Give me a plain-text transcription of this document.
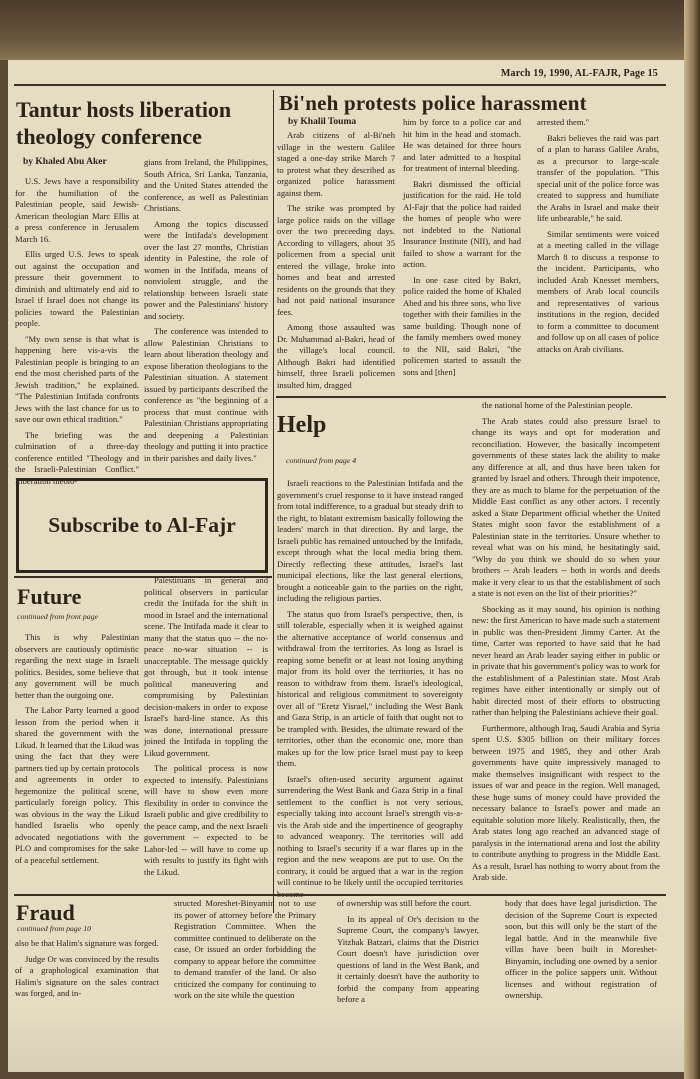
March 19, 1990, AL-FAJR, Page 15
Tantur hosts liberation theology conference
by Khaled Abu Aker

U.S. Jews have a responsibility for the humiliation of the Palestinian people, said Jewish-American theologian Marc Ellis at a press conference in Jerusalem March 16.

Ellis urged U.S. Jews to speak out against the occupation and pressure their government to diminish and ultimately end aid to Israel if Israel does not change its policies toward the Palestinian people.

"My own sense is that what is happening here vis-a-vis the Palestinian people is bringing to an end the most cherished parts of the Jewish tradition," he explained. "The Palestinian Intifada confronts Jews with the last chance for us to save our own ethical tradition."

The briefing was the culmination of a three-day conference entitled "Theology and the Israeli-Palestinian Conflict." Liberation theolo-

gians from Ireland, the Philippines, South Africa, Sri Lanka, Tanzania, and the United States attended the conference, as well as Palestinian Christians.

Among the topics discussed were the Intifada's development over the last 27 months, Christian identity in Palestine, the role of women in the Intifada, means of nonviolent struggle, and the relationship between Israeli state power and the Palestinians' history and society.

The conference was intended to allow Palestinian Christians to learn about liberation theology and expose liberation theologians to the Palestinian situation. A statement issued by participants described the conference as "the beginning of a process that must continue with Palestinian Christians appropriating and deepening a Palestinian theology and putting it into practice in their parishes and daily lives."

Bi'neh protests police harassment
by Khalil Touma

Arab citizens of al-Bi'neh village in the western Galilee staged a one-day strike March 7 to protest what they described as organized police harassment against them.

The strike was prompted by large police raids on the village over the two preceeding days. According to villagers, about 35 policemen from a special unit entered the village, broke into homes and beat and arrested residents on the grounds that they had not paid national insurance fees.

Among those assaulted was Dr. Muhammad al-Bakri, head of the village's local council. Although Bakri had identified himself, three Israeli policemen insulted him, dragged

him by force to a police car and hit him in the head and stomach. He was detained for three hours and later admitted to a hospital for treatment of internal bleeding.

Bakri dismissed the official justification for the raid. He told Al-Fajr that the police had raided the homes of people who were not indebted to the National Insurance Institute (NII), and had failed to show a warrant for the action.

In one case cited by Bakri, police raided the home of Khaled Abed and his three sons, who live together with their families in the same building. Though none of the family members owed money to the NII, said Bakri, "the policemen started to assault the sons and [then]

arrested them."

Bakri believes the raid was part of a plan to harass Galilee Arabs, as a precursor to large-scale transfer of the population. "This special unit of the police force was created to suppress and humiliate the Arabs in Israel and make their life unbearable," he said.

Similar sentiments were voiced at a meeting called in the village March 8 to discuss a response to the incident. Participants, who included Arab Knesset members, members of Arab local councils and representatives of various institutions in the region, decided to form a committee to document and follow up on all cases of police attacks on Arab civilians.

Subscribe to Al-Fajr
Future
continued from front page

This is why Palestinian observers are cautiously optimistic regarding the next stage in Israeli politics. Besides, some believe that any government will be much better than the outgoing one.

The Labor Party learned a good lesson from the period when it shared the government with the Likud. It learned that the Likud was using the fact that they were partners tied up by certain protocols and agreements in order to hegemonize the political scene, particularly foreign policy. This was obvious in the way the Likud handled Israelis who openly advocated negotiations with the PLO and compromises for the sake of a peaceful settlement.

Palestinians in general and political observers in particular credit the Intifada for the shift in mood in Israel and the international scene. The Intifada made it clear to many that the status quo -- the no-peace no-war situation -- is unacceptable. The message quickly got through, but it took intense political maneuvering and compromising by Palestinian decision-makers in order to expose Israel's hard-line stance. As this was done, international pressure joined the Intifada in toppling the Likud government.

The political process is now expected to intensify. Palestinians will have to show even more flexibility in order to convince the Israeli public and give credibility to the peace camp, and the next Israeli government -- expected to be Labor-led -- will have to come up with results to justify its fight with the Likud.

Help
continued from page 4

Israeli reactions to the Palestinian Intifada and the government's cruel response to it have instead ranged from total indifference, to a gradual but steady drift to the right, to blatant extremism basically following the leaders' march in that direction. By and large, the Israeli public has remained untouched by the Intifada, except through what the local media bring them. Directly reflecting these attitudes, Israel's last municipal elections, like the last general elections, brought a noticeable gain to the parties on the right, including the religious parties.

The status quo from Israel's perspective, then, is still tolerable, especially when it is weighed against the alternative acceptance of world consensus and withdrawal from the territories. As long as Israel is reaping some benefit or at least not losing anything major from its hold over the territories, it has no reason to withdraw from them. Israel's ideological, historical and religious commitment to sovereignty over all of "Eretz Yisrael," including the West Bank and Gaza Strip, is an article of faith that ought not to be trampled with. Besides, the ultimate reward of the territories, other than the economic one, more than makes up for the low price Israel must pay to keep them.

Israel's often-used security argument against surrendering the West Bank and Gaza Strip in a final settlement to the conflict is not very serious, especially taking into account Israel's strength vis-a-vis the Arab side and the impertinence of geography to advanced weaponry. The territories will add nothing to Israel's security if a war flares up in the region and the new weapons are put to use. On the contrary, it could be argued that a war in the region will continue to be likely until the occupied territories

the national home of the Palestinian people.

The Arab states could also pressure Israel to change its ways and opt for moderation and reconciliation. However, the basically incompetent governments of these states lack the ability to make any difference at all, and thus have been taken for granted by Israel and others. Through their impotence, they are as much to blame for the perpetuation of the Middle East conflict as any other actors. I recently asked a State Department official whether the United States might soon favor the establishment of a Palestinian state in the territories. Unsure whether to reveal what was on his mind, he hesitatingly said, "Why do you think we should do so when your brothers -- Arab leaders -- both in words and deeds make it very clear to us that the establishment of such a state is not even on the list of their priorities?"

Shocking as it may sound, his opinion is nothing new: the first American to have made such a statement in public was then-President Jimmy Carter. At the time, Carter was reported to have said that he had never heard an Arab leader saying either in public or in private that his government's policy was to work for the establishment of a Palestinian state. Most Arab regimes have either intentionally or simply out of habit directed most of their efforts to obstructing rather than helping the Palestinians achieve their goal.

Furthermore, although Iraq, Saudi Arabia and Syria spent U.S. $305 billion on their military forces between 1975 and 1985, they and other Arab governments have quite impressively managed to make themselves insignificant with respect to the issues of war and peace in the region. Well managed, these huge sums of money could have provided the necessary balance to Israel's power and made an equitable solution more likely. Realistically, then, the Arab states long ago reached an advanced stage of paralysis in the international arena and lost the ability to contribute anything to progress in the Middle East. As a result, Israel has nothing to worry about from the Arab side.

Fraud
continued from page 10

also be that Halim's signature was forged.

Judge Or was convinced by the results of a graphological examination that Halim's signature on the sales contract was forged, and in-

structed Moreshet-Binyamin not to use its power of attorney before the Primary Registration Committee. When the committee continued to deliberate on the case, Or issued an order forbidding the company to appear before the committee to demand transfer of the land. Or also criticized the company for continuing to work on the site while the question

of ownership was still before the court.

In its appeal of Or's decision to the Supreme Court, the company's lawyer, Yitzhak Batzari, claims that the District Court doesn't have jurisdiction over questions of land in the West Bank, and it certainly doesn't have the authority to forbid the company from appearing before a

body that does have legal jurisdiction. The decision of the Supreme Court is expected soon, but this will only be the start of the legal battle. And in the meanwhile five villas have been built in Moreshet-Binyamin, including one owned by a senior officer in the police sappers unit. Without licenses and without registration of ownership.
